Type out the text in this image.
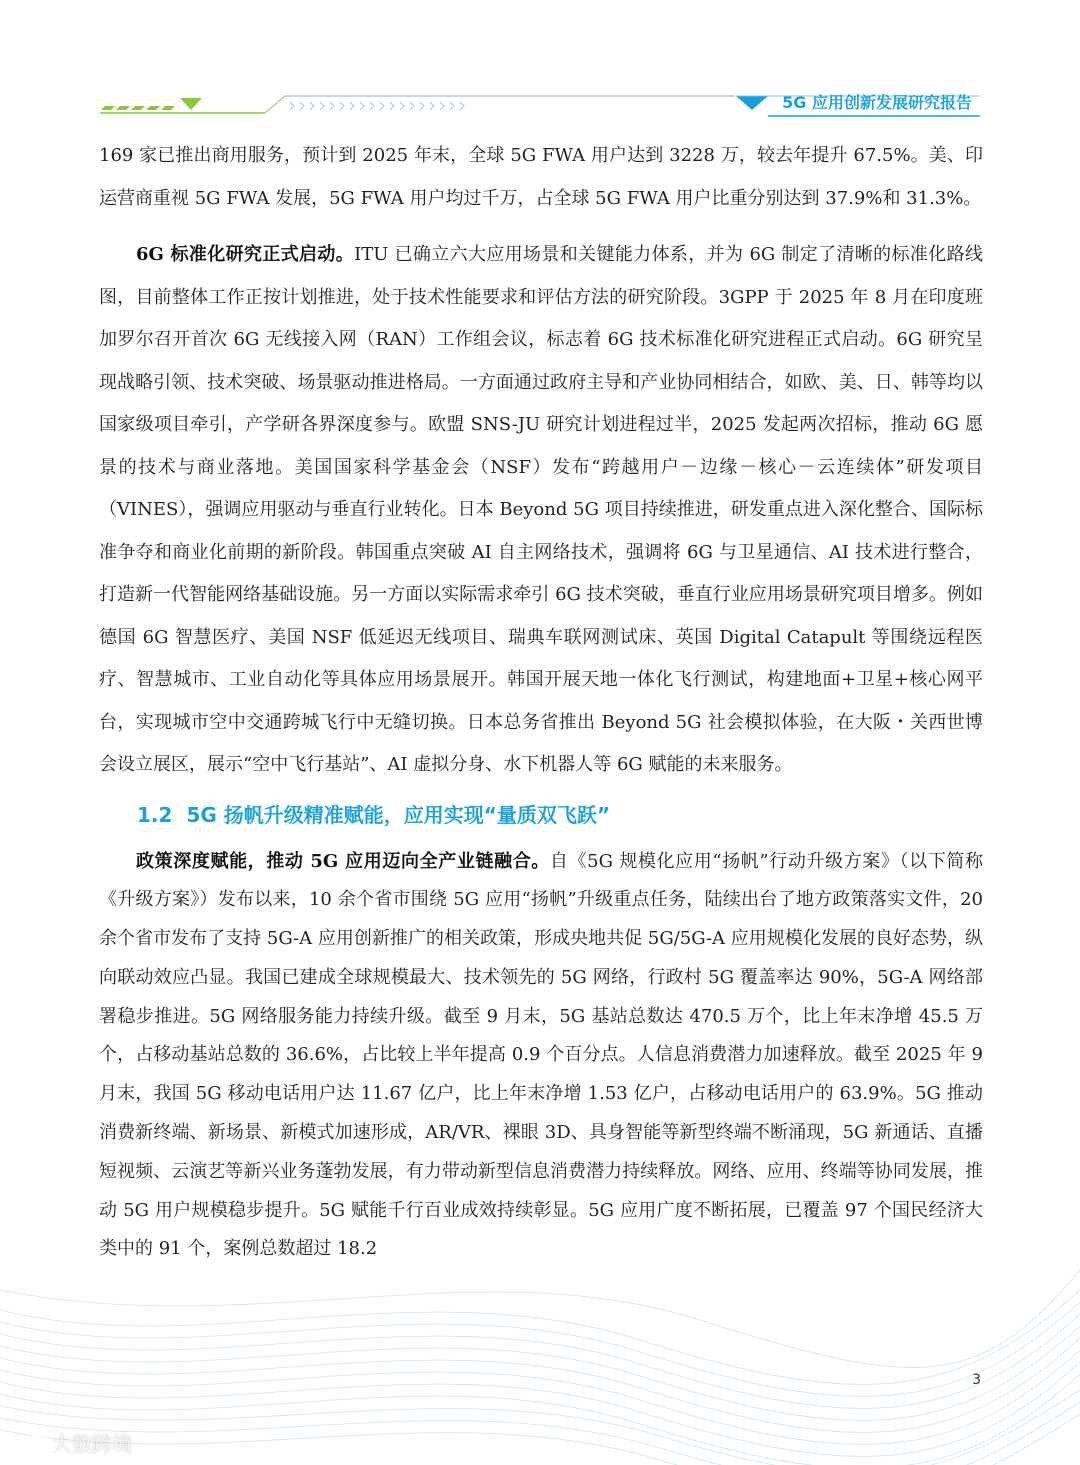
5G 应用创新发展研究报告

169 家已推出商用服务，预计到 2025 年末，全球 5G FWA 用户达到 3228 万，较去年提升 67.5%。美、印运营商重视 5G FWA 发展，5G FWA 用户均过千万，占全球 5G FWA 用户比重分别达到 37.9%和 31.3%。

6G 标准化研究正式启动。ITU 已确立六大应用场景和关键能力体系，并为 6G 制定了清晰的标准化路线图，目前整体工作正按计划推进，处于技术性能要求和评估方法的研究阶段。3GPP 于 2025 年 8 月在印度班加罗尔召开首次 6G 无线接入网（RAN）工作组会议，标志着 6G 技术标准化研究进程正式启动。6G 研究呈现战略引领、技术突破、场景驱动推进格局。一方面通过政府主导和产业协同相结合，如欧、美、日、韩等均以国家级项目牵引，产学研各界深度参与。欧盟 SNS-JU 研究计划进程过半，2025 发起两次招标，推动 6G 愿景的技术与商业落地。美国国家科学基金会（NSF）发布“跨越用户－边缘－核心－云连续体”研发项目（VINES），强调应用驱动与垂直行业转化。日本 Beyond 5G 项目持续推进，研发重点进入深化整合、国际标准争夺和商业化前期的新阶段。韩国重点突破 AI 自主网络技术，强调将 6G 与卫星通信、AI 技术进行整合，打造新一代智能网络基础设施。另一方面以实际需求牵引 6G 技术突破，垂直行业应用场景研究项目增多。例如德国 6G 智慧医疗、美国 NSF 低延迟无线项目、瑞典车联网测试床、英国 Digital Catapult 等围绕远程医疗、智慧城市、工业自动化等具体应用场景展开。韩国开展天地一体化飞行测试，构建地面+卫星+核心网平台，实现城市空中交通跨城飞行中无缝切换。日本总务省推出 Beyond 5G 社会模拟体验，在大阪・关西世博会设立展区，展示“空中飞行基站”、AI 虚拟分身、水下机器人等 6G 赋能的未来服务。

1.2 5G 扬帆升级精准赋能，应用实现“量质双飞跃”

政策深度赋能，推动 5G 应用迈向全产业链融合。自《5G 规模化应用“扬帆”行动升级方案》（以下简称《升级方案》）发布以来，10 余个省市围绕 5G 应用“扬帆”升级重点任务，陆续出台了地方政策落实文件，20 余个省市发布了支持 5G-A 应用创新推广的相关政策，形成央地共促 5G/5G-A 应用规模化发展的良好态势，纵向联动效应凸显。我国已建成全球规模最大、技术领先的 5G 网络，行政村 5G 覆盖率达 90%，5G-A 网络部署稳步推进。5G 网络服务能力持续升级。截至 9 月末，5G 基站总数达 470.5 万个，比上年末净增 45.5 万个，占移动基站总数的 36.6%，占比较上半年提高 0.9 个百分点。人信息消费潜力加速释放。截至 2025 年 9 月末，我国 5G 移动电话用户达 11.67 亿户，比上年末净增 1.53 亿户，占移动电话用户的 63.9%。5G 推动消费新终端、新场景、新模式加速形成，AR/VR、裸眼 3D、具身智能等新型终端不断涌现，5G 新通话、直播短视频、云演艺等新兴业务蓬勃发展，有力带动新型信息消费潜力持续释放。网络、应用、终端等协同发展，推动 5G 用户规模稳步提升。5G 赋能千行百业成效持续彰显。5G 应用广度不断拓展，已覆盖 97 个国民经济大类中的 91 个，案例总数超过 18.2

3
大数跨境
